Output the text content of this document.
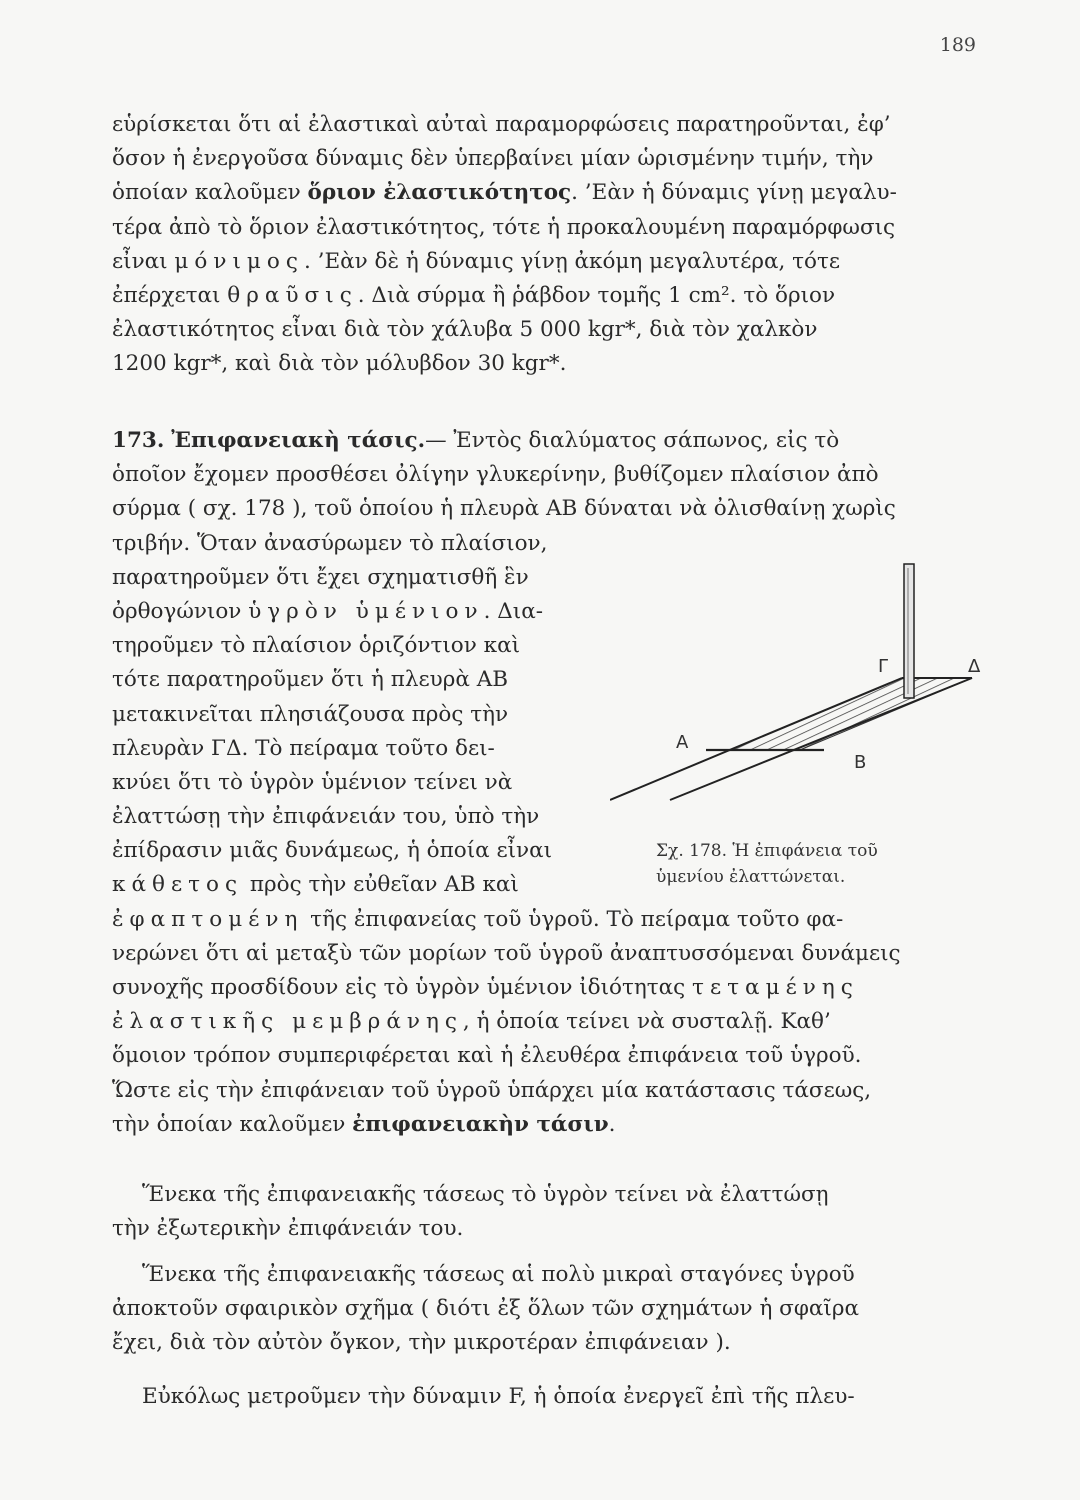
189
εὑρίσκεται ὅτι αἱ ἐλαστικαὶ αὐταὶ παραμορφώσεις παρατηροῦνται, ἐφ’
ὅσον ἡ ἐνεργοῦσα δύναμις δὲν ὑπερβαίνει μίαν ὡρισμένην τιμήν, τὴν
ὁποίαν καλοῦμεν ὅριον ἐλαστικότητος. ’Εὰν ἡ δύναμις γίνῃ μεγαλυ-
τέρα ἀπὸ τὸ ὅριον ἐλαστικότητος, τότε ἡ προκαλουμένη παραμόρφωσις
εἶναι μόνιμος. ’Εὰν δὲ ἡ δύναμις γίνῃ ἀκόμη μεγαλυτέρα, τότε
ἐπέρχεται θραῦσις. Διὰ σύρμα ἢ ῥάβδον τομῆς 1 cm². τὸ ὅριον
ἐλαστικότητος εἶναι διὰ τὸν χάλυβα 5 000 kgr*, διὰ τὸν χαλκὸν
1200 kgr*, καὶ διὰ τὸν μόλυβδον 30 kgr*.
173. Ἐπιφανειακὴ τάσις.— Ἐντὸς διαλύματος σάπωνος, εἰς τὸ
ὁποῖον ἔχομεν προσθέσει ὀλίγην γλυκερίνην, βυθίζομεν πλαίσιον ἀπὸ
σύρμα ( σχ. 178 ), τοῦ ὁποίου ἡ πλευρὰ ΑΒ δύναται νὰ ὀλισθαίνῃ χωρὶς
τριβήν. Ὅταν ἀνασύρωμεν τὸ πλαίσιον,
παρατηροῦμεν ὅτι ἔχει σχηματισθῆ ἓν
ὀρθογώνιον ὑγρὸν ὑμένιον. Δια-
τηροῦμεν τὸ πλαίσιον ὁριζόντιον καὶ
τότε παρατηροῦμεν ὅτι ἡ πλευρὰ ΑΒ
μετακινεῖται πλησιάζουσα πρὸς τὴν
πλευρὰν ΓΔ. Τὸ πείραμα τοῦτο δει-
κνύει ὅτι τὸ ὑγρὸν ὑμένιον τείνει νὰ
ἐλαττώσῃ τὴν ἐπιφάνειάν του, ὑπὸ τὴν
ἐπίδρασιν μιᾶς δυνάμεως, ἡ ὁποία εἶναι
κάθετος πρὸς τὴν εὐθεῖαν ΑΒ καὶ
ἐφαπτομένη τῆς ἐπιφανείας τοῦ ὑγροῦ. Τὸ πείραμα τοῦτο φα-
νερώνει ὅτι αἱ μεταξὺ τῶν μορίων τοῦ ὑγροῦ ἀναπτυσσόμεναι δυνάμεις
συνοχῆς προσδίδουν εἰς τὸ ὑγρὸν ὑμένιον ἰδιότητας τεταμένης
ἐλαστικῆς μεμβράνης, ἡ ὁποία τείνει νὰ συσταλῇ. Καθ’
ὅμοιον τρόπον συμπεριφέρεται καὶ ἡ ἐλευθέρα ἐπιφάνεια τοῦ ὑγροῦ.
Ὥστε εἰς τὴν ἐπιφάνειαν τοῦ ὑγροῦ ὑπάρχει μία κατάστασις τάσεως,
τὴν ὁποίαν καλοῦμεν ἐπιφανειακὴν τάσιν.
Ἕνεκα τῆς ἐπιφανειακῆς τάσεως τὸ ὑγρὸν τείνει νὰ ἐλαττώσῃ
τὴν ἐξωτερικὴν ἐπιφάνειάν του.
Ἕνεκα τῆς ἐπιφανειακῆς τάσεως αἱ πολὺ μικραὶ σταγόνες ὑγροῦ
ἀποκτοῦν σφαιρικὸν σχῆμα ( διότι ἐξ ὅλων τῶν σχημάτων ἡ σφαῖρα
ἔχει, διὰ τὸν αὐτὸν ὄγκον, τὴν μικροτέραν ἐπιφάνειαν ).
Εὐκόλως μετροῦμεν τὴν δύναμιν F, ἡ ὁποία ἐνεργεῖ ἐπὶ τῆς πλευ-
Γ	Δ
Α
Β
Σχ. 178. Ἡ ἐπιφάνεια τοῦ
ὑμενίου ἐλαττώνεται.
